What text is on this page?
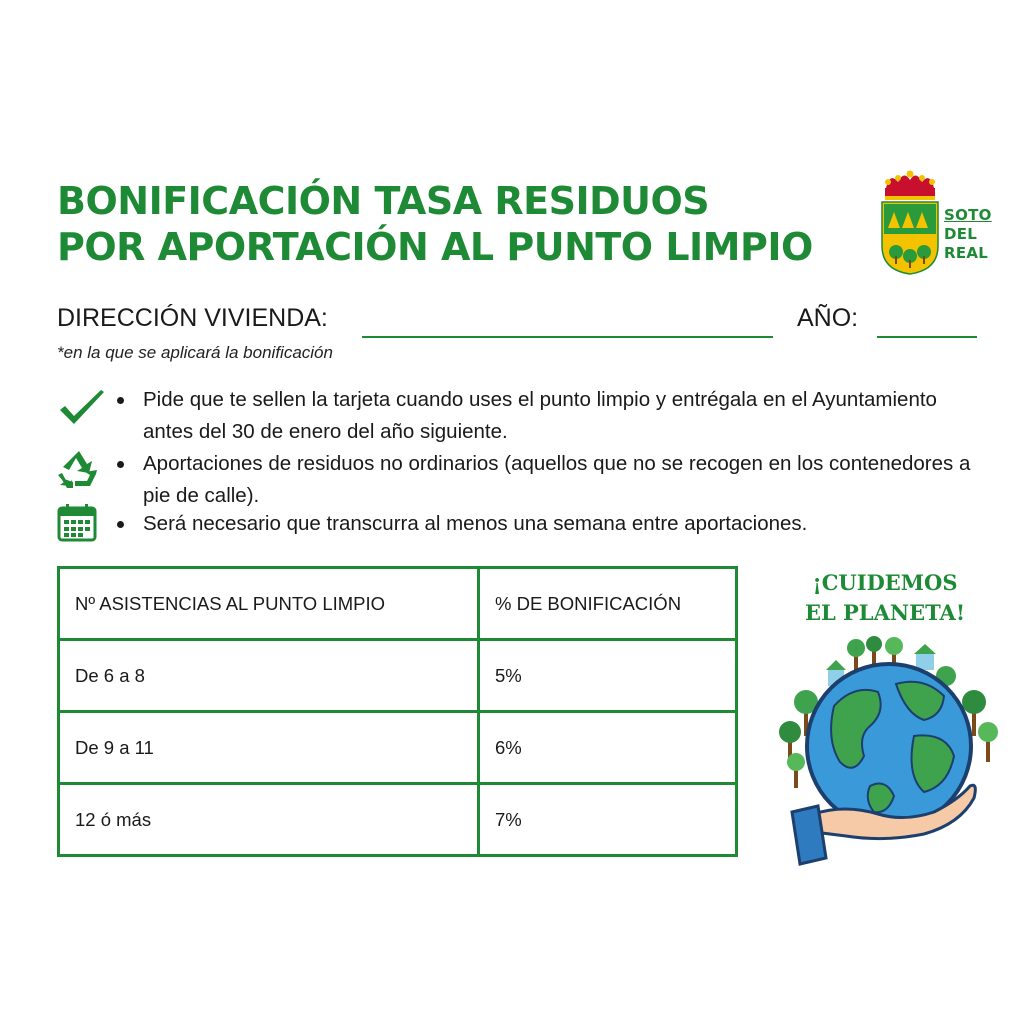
BONIFICACIÓN TASA RESIDUOS
POR APORTACIÓN AL PUNTO LIMPIO
SOTO
DEL
REAL
DIRECCIÓN VIVIENDA:	AÑO:
*en la que se aplicará la bonificación
Pide que te sellen la tarjeta cuando uses el punto limpio y entrégala en el Ayuntamiento antes del 30 de enero del año siguiente.
Aportaciones de residuos no ordinarios (aquellos que no se recogen en los contenedores a pie de calle).
Será necesario que transcurra al menos una semana entre aportaciones.
Nº ASISTENCIAS AL PUNTO LIMPIO	% DE BONIFICACIÓN
De 6 a 8	5%
De 9 a 11	6%
12 ó más	7%
¡CUIDEMOS
EL PLANETA!
